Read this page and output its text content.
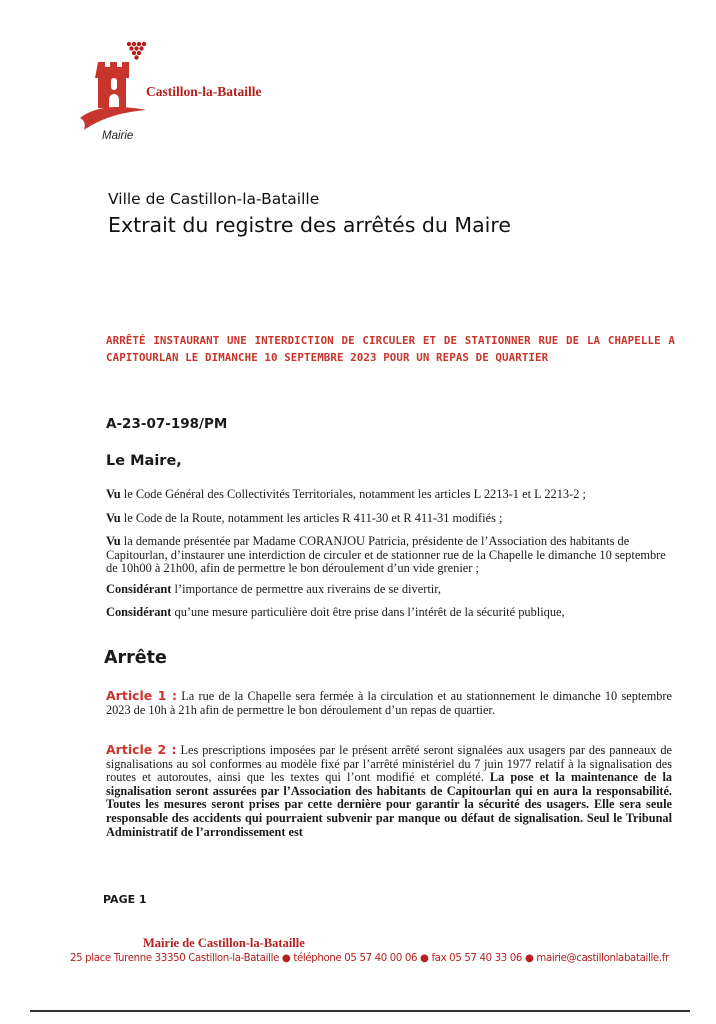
Castillon-la-Bataille
Mairie
Ville de Castillon-la-Bataille
Extrait du registre des arrêtés du Maire
ARRÊTÉ INSTAURANT UNE INTERDICTION DE CIRCULER ET DE STATIONNER RUE DE LA CHAPELLE A CAPITOURLAN LE DIMANCHE 10 SEPTEMBRE 2023 POUR UN REPAS DE QUARTIER
A-23-07-198/PM
Le Maire,
Vu le Code Général des Collectivités Territoriales, notamment les articles L 2213-1 et L 2213-2 ;
Vu le Code de la Route, notamment les articles R 411-30 et R 411-31 modifiés ;
Vu la demande présentée par Madame CORANJOU Patricia, présidente de l’Association des habitants de Capitourlan, d’instaurer une interdiction de circuler et de stationner rue de la Chapelle le dimanche 10 septembre de 10h00 à 21h00, afin de permettre le bon déroulement d’un vide grenier ;
Considérant l’importance de permettre aux riverains de se divertir,
Considérant qu’une mesure particulière doit être prise dans l’intérêt de la sécurité publique,
Arrête
Article 1 : La rue de la Chapelle sera fermée à la circulation et au stationnement le dimanche 10 septembre 2023 de 10h à 21h afin de permettre le bon déroulement d’un repas de quartier.
Article 2 : Les prescriptions imposées par le présent arrêté seront signalées aux usagers par des panneaux de signalisations au sol conformes au modèle fixé par l’arrêté ministériel du 7 juin 1977 relatif à la signalisation des routes et autoroutes, ainsi que les textes qui l’ont modifié et complété. La pose et la maintenance de la signalisation seront assurées par l’Association des habitants de Capitourlan qui en aura la responsabilité. Toutes les mesures seront prises par cette dernière pour garantir la sécurité des usagers. Elle sera seule responsable des accidents qui pourraient subvenir par manque ou défaut de signalisation. Seul le Tribunal Administratif de l’arrondissement est
PAGE 1
Mairie de Castillon-la-Bataille
25 place Turenne 33350 Castillon-la-Bataille ● téléphone 05 57 40 00 06 ● fax 05 57 40 33 06 ● mairie@castillonlabataille.fr
